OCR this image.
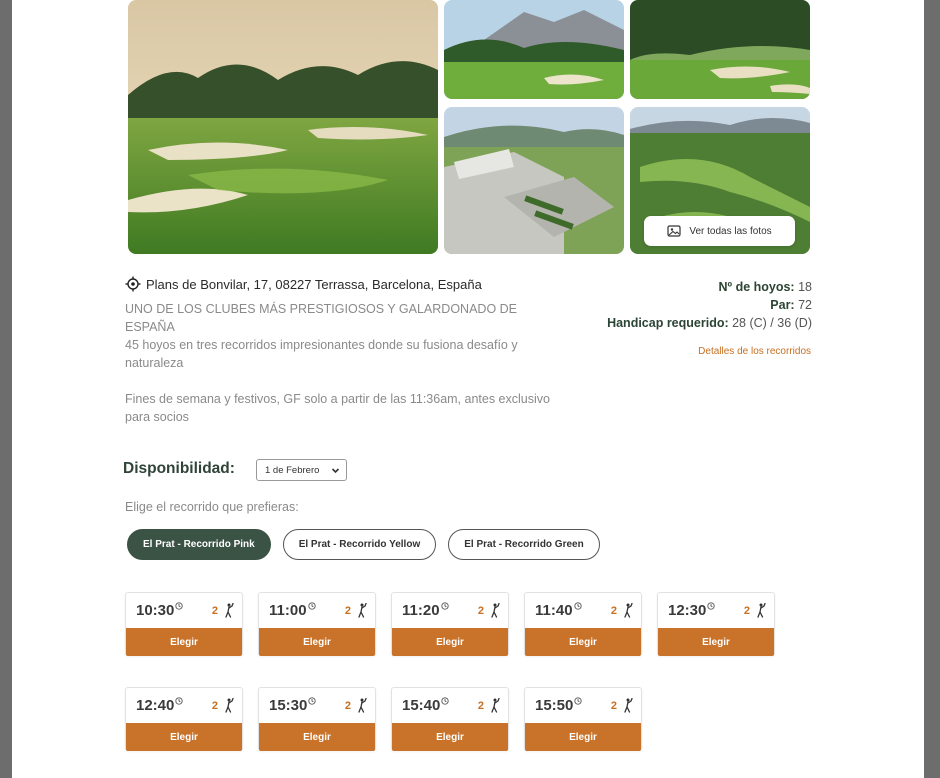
Ver todas las fotos
Plans de Bonvilar, 17, 08227 Terrassa, Barcelona, España

UNO DE LOS CLUBES MÁS PRESTIGIOSOS Y GALARDONADO DE ESPAÑA
45 hoyos en tres recorridos impresionantes donde su fusiona desafío y naturaleza

Fines de semana y festivos, GF solo a partir de las 11:36am, antes exclusivo para socios

Nº de hoyos: 18
Par: 72
Handicap requerido: 28 (C) / 36 (D)
Detalles de los recorridos
Disponibilidad:	1 de Febrero
Elige el recorrido que prefieras:
El Prat - Recorrido Pink	El Prat - Recorrido Yellow	El Prat - Recorrido Green
10:30	2
Elegir
11:00	2
Elegir
11:20	2
Elegir
11:40	2
Elegir
12:30	2
Elegir
12:40	2
Elegir
15:30	2
Elegir
15:40	2
Elegir
15:50	2
Elegir
